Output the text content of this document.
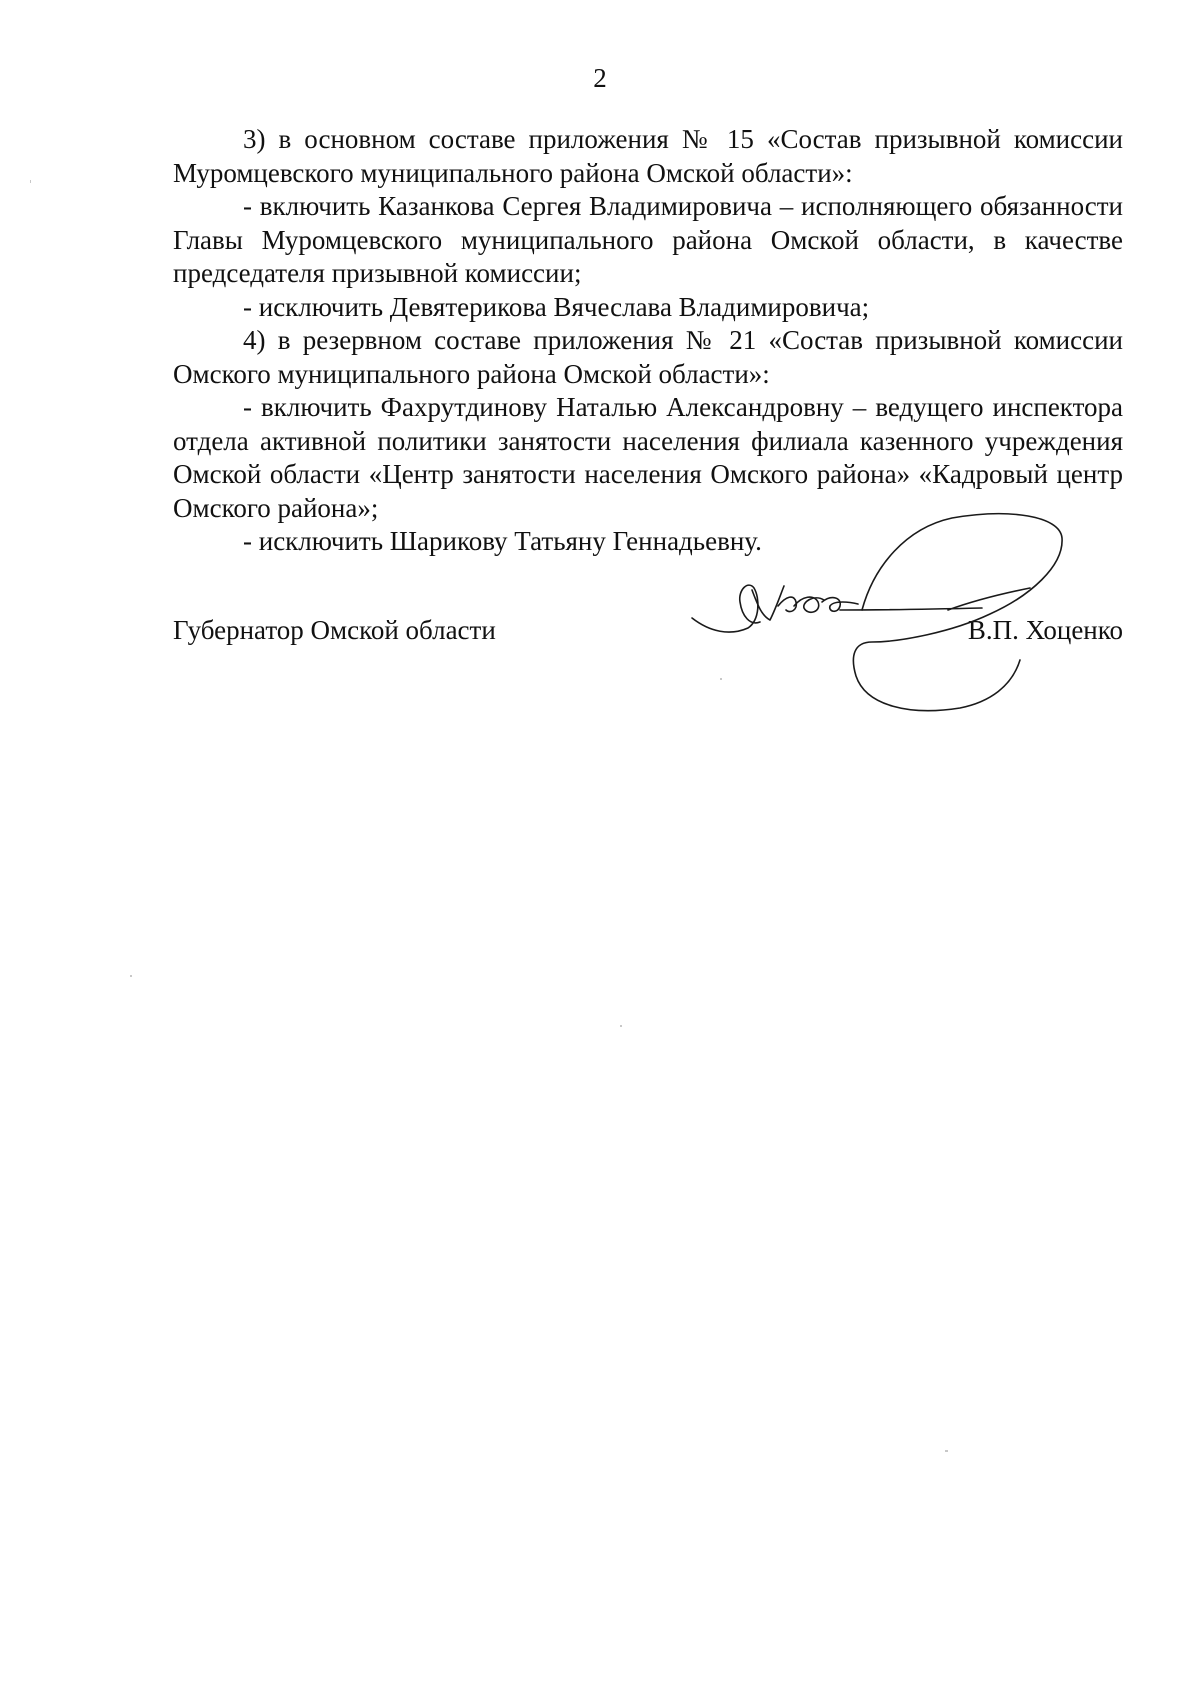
2

3) в основном составе приложения № 15 «Состав призывной комиссии Муромцевского муниципального района Омской области»:

- включить Казанкова Сергея Владимировича – исполняющего обязанности Главы Муромцевского муниципального района Омской области, в качестве председателя призывной комиссии;

- исключить Девятерикова Вячеслава Владимировича;

4) в резервном составе приложения № 21 «Состав призывной комиссии Омского муниципального района Омской области»:

- включить Фахрутдинову Наталью Александровну – ведущего инспектора отдела активной политики занятости населения филиала казенного учреждения Омской области «Центр занятости населения Омского района» «Кадровый центр Омского района»;

- исключить Шарикову Татьяну Геннадьевну.

Губернатор Омской области	В.П. Хоценко
